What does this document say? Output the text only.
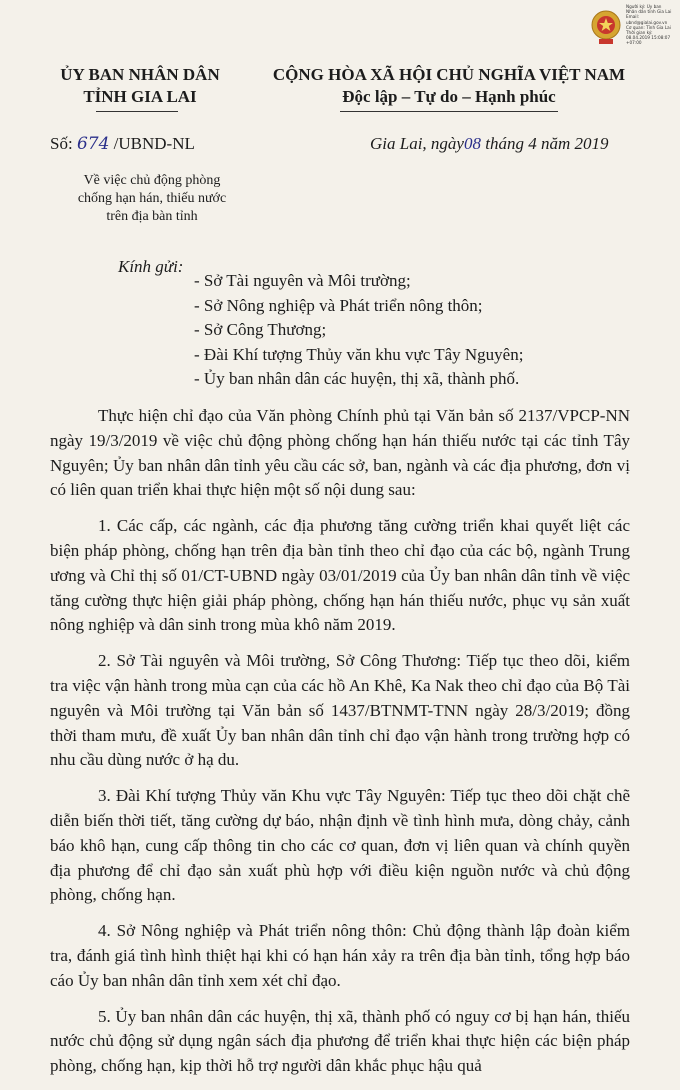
Người ký: Ủy ban
Nhân dân tỉnh Gia Lai
Email: ubnd@gialai.gov.vn
Cơ quan: Tỉnh Gia Lai
Thời gian ký:
08.04.2019 15:08:07
+07:00
ỦY BAN NHÂN DÂN
TỈNH GIA LAI
CỘNG HÒA XÃ HỘI CHỦ NGHĨA VIỆT NAM
Độc lập – Tự do – Hạnh phúc
Số: 674 /UBND-NL	Gia Lai, ngày08 tháng 4 năm 2019
Về việc chủ động phòng
chống hạn hán, thiếu nước
trên địa bàn tỉnh
Kính gửi:
- Sở Tài nguyên và Môi trường;
- Sở Nông nghiệp và Phát triển nông thôn;
- Sở Công Thương;
- Đài Khí tượng Thủy văn khu vực Tây Nguyên;
- Ủy ban nhân dân các huyện, thị xã, thành phố.

Thực hiện chỉ đạo của Văn phòng Chính phủ tại Văn bản số 2137/VPCP-NN ngày 19/3/2019 về việc chủ động phòng chống hạn hán thiếu nước tại các tỉnh Tây Nguyên; Ủy ban nhân dân tỉnh yêu cầu các sở, ban, ngành và các địa phương, đơn vị có liên quan triển khai thực hiện một số nội dung sau:

1. Các cấp, các ngành, các địa phương tăng cường triển khai quyết liệt các biện pháp phòng, chống hạn trên địa bàn tỉnh theo chỉ đạo của các bộ, ngành Trung ương và Chỉ thị số 01/CT-UBND ngày 03/01/2019 của Ủy ban nhân dân tỉnh về việc tăng cường thực hiện giải pháp phòng, chống hạn hán thiếu nước, phục vụ sản xuất nông nghiệp và dân sinh trong mùa khô năm 2019.

2. Sở Tài nguyên và Môi trường, Sở Công Thương: Tiếp tục theo dõi, kiểm tra việc vận hành trong mùa cạn của các hồ An Khê, Ka Nak theo chỉ đạo của Bộ Tài nguyên và Môi trường tại Văn bản số 1437/BTNMT-TNN ngày 28/3/2019; đồng thời tham mưu, đề xuất Ủy ban nhân dân tỉnh chỉ đạo vận hành trong trường hợp có nhu cầu dùng nước ở hạ du.

3. Đài Khí tượng Thủy văn Khu vực Tây Nguyên: Tiếp tục theo dõi chặt chẽ diễn biến thời tiết, tăng cường dự báo, nhận định về tình hình mưa, dòng chảy, cảnh báo khô hạn, cung cấp thông tin cho các cơ quan, đơn vị liên quan và chính quyền địa phương để chỉ đạo sản xuất phù hợp với điều kiện nguồn nước và chủ động phòng, chống hạn.

4. Sở Nông nghiệp và Phát triển nông thôn: Chủ động thành lập đoàn kiểm tra, đánh giá tình hình thiệt hại khi có hạn hán xảy ra trên địa bàn tỉnh, tổng hợp báo cáo Ủy ban nhân dân tỉnh xem xét chỉ đạo.

5. Ủy ban nhân dân các huyện, thị xã, thành phố có nguy cơ bị hạn hán, thiếu nước chủ động sử dụng ngân sách địa phương để triển khai thực hiện các biện pháp phòng, chống hạn, kịp thời hỗ trợ người dân khắc phục hậu quả
